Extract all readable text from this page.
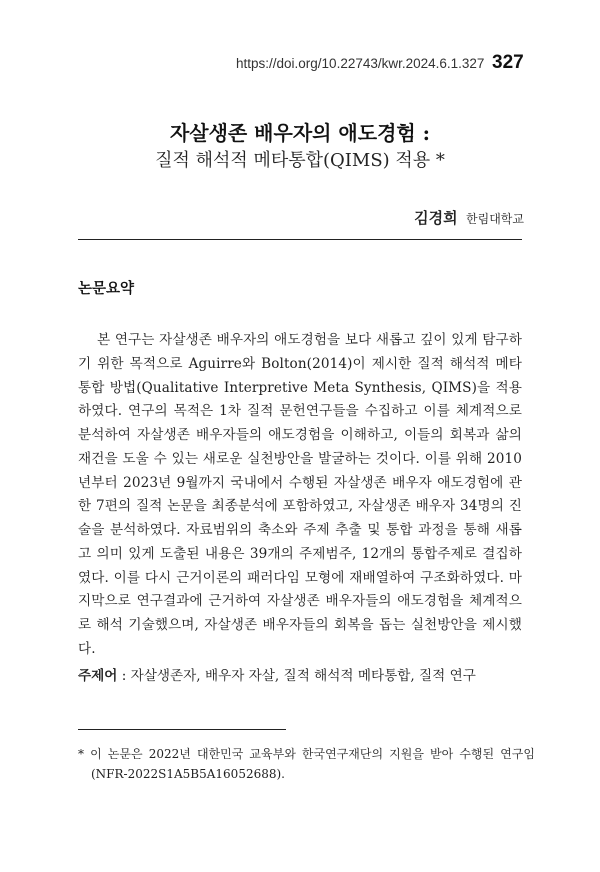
https://doi.org/10.22743/kwr.2024.6.1.327 327
자살생존 배우자의 애도경험 :
질적 해석적 메타통합(QIMS) 적용 *
김경희 한림대학교
논문요약

본 연구는 자살생존 배우자의 애도경험을 보다 새롭고 깊이 있게 탐구하기 위한 목적으로 Aguirre와 Bolton(2014)이 제시한 질적 해석적 메타통합 방법(Qualitative Interpretive Meta Synthesis, QIMS)을 적용하였다. 연구의 목적은 1차 질적 문헌연구들을 수집하고 이를 체계적으로 분석하여 자살생존 배우자들의 애도경험을 이해하고, 이들의 회복과 삶의 재건을 도울 수 있는 새로운 실천방안을 발굴하는 것이다. 이를 위해 2010년부터 2023년 9월까지 국내에서 수행된 자살생존 배우자 애도경험에 관한 7편의 질적 논문을 최종분석에 포함하였고, 자살생존 배우자 34명의 진술을 분석하였다. 자료범위의 축소와 주제 추출 및 통합 과정을 통해 새롭고 의미 있게 도출된 내용은 39개의 주제범주, 12개의 통합주제로 결집하였다. 이를 다시 근거이론의 패러다임 모형에 재배열하여 구조화하였다. 마지막으로 연구결과에 근거하여 자살생존 배우자들의 애도경험을 체계적으로 해석 기술했으며, 자살생존 배우자들의 회복을 돕는 실천방안을 제시했다.

주제어 : 자살생존자, 배우자 자살, 질적 해석적 메타통합, 질적 연구

* 이 논문은 2022년 대한민국 교육부와 한국연구재단의 지원을 받아 수행된 연구임(NFR-2022S1A5B5A16052688).
